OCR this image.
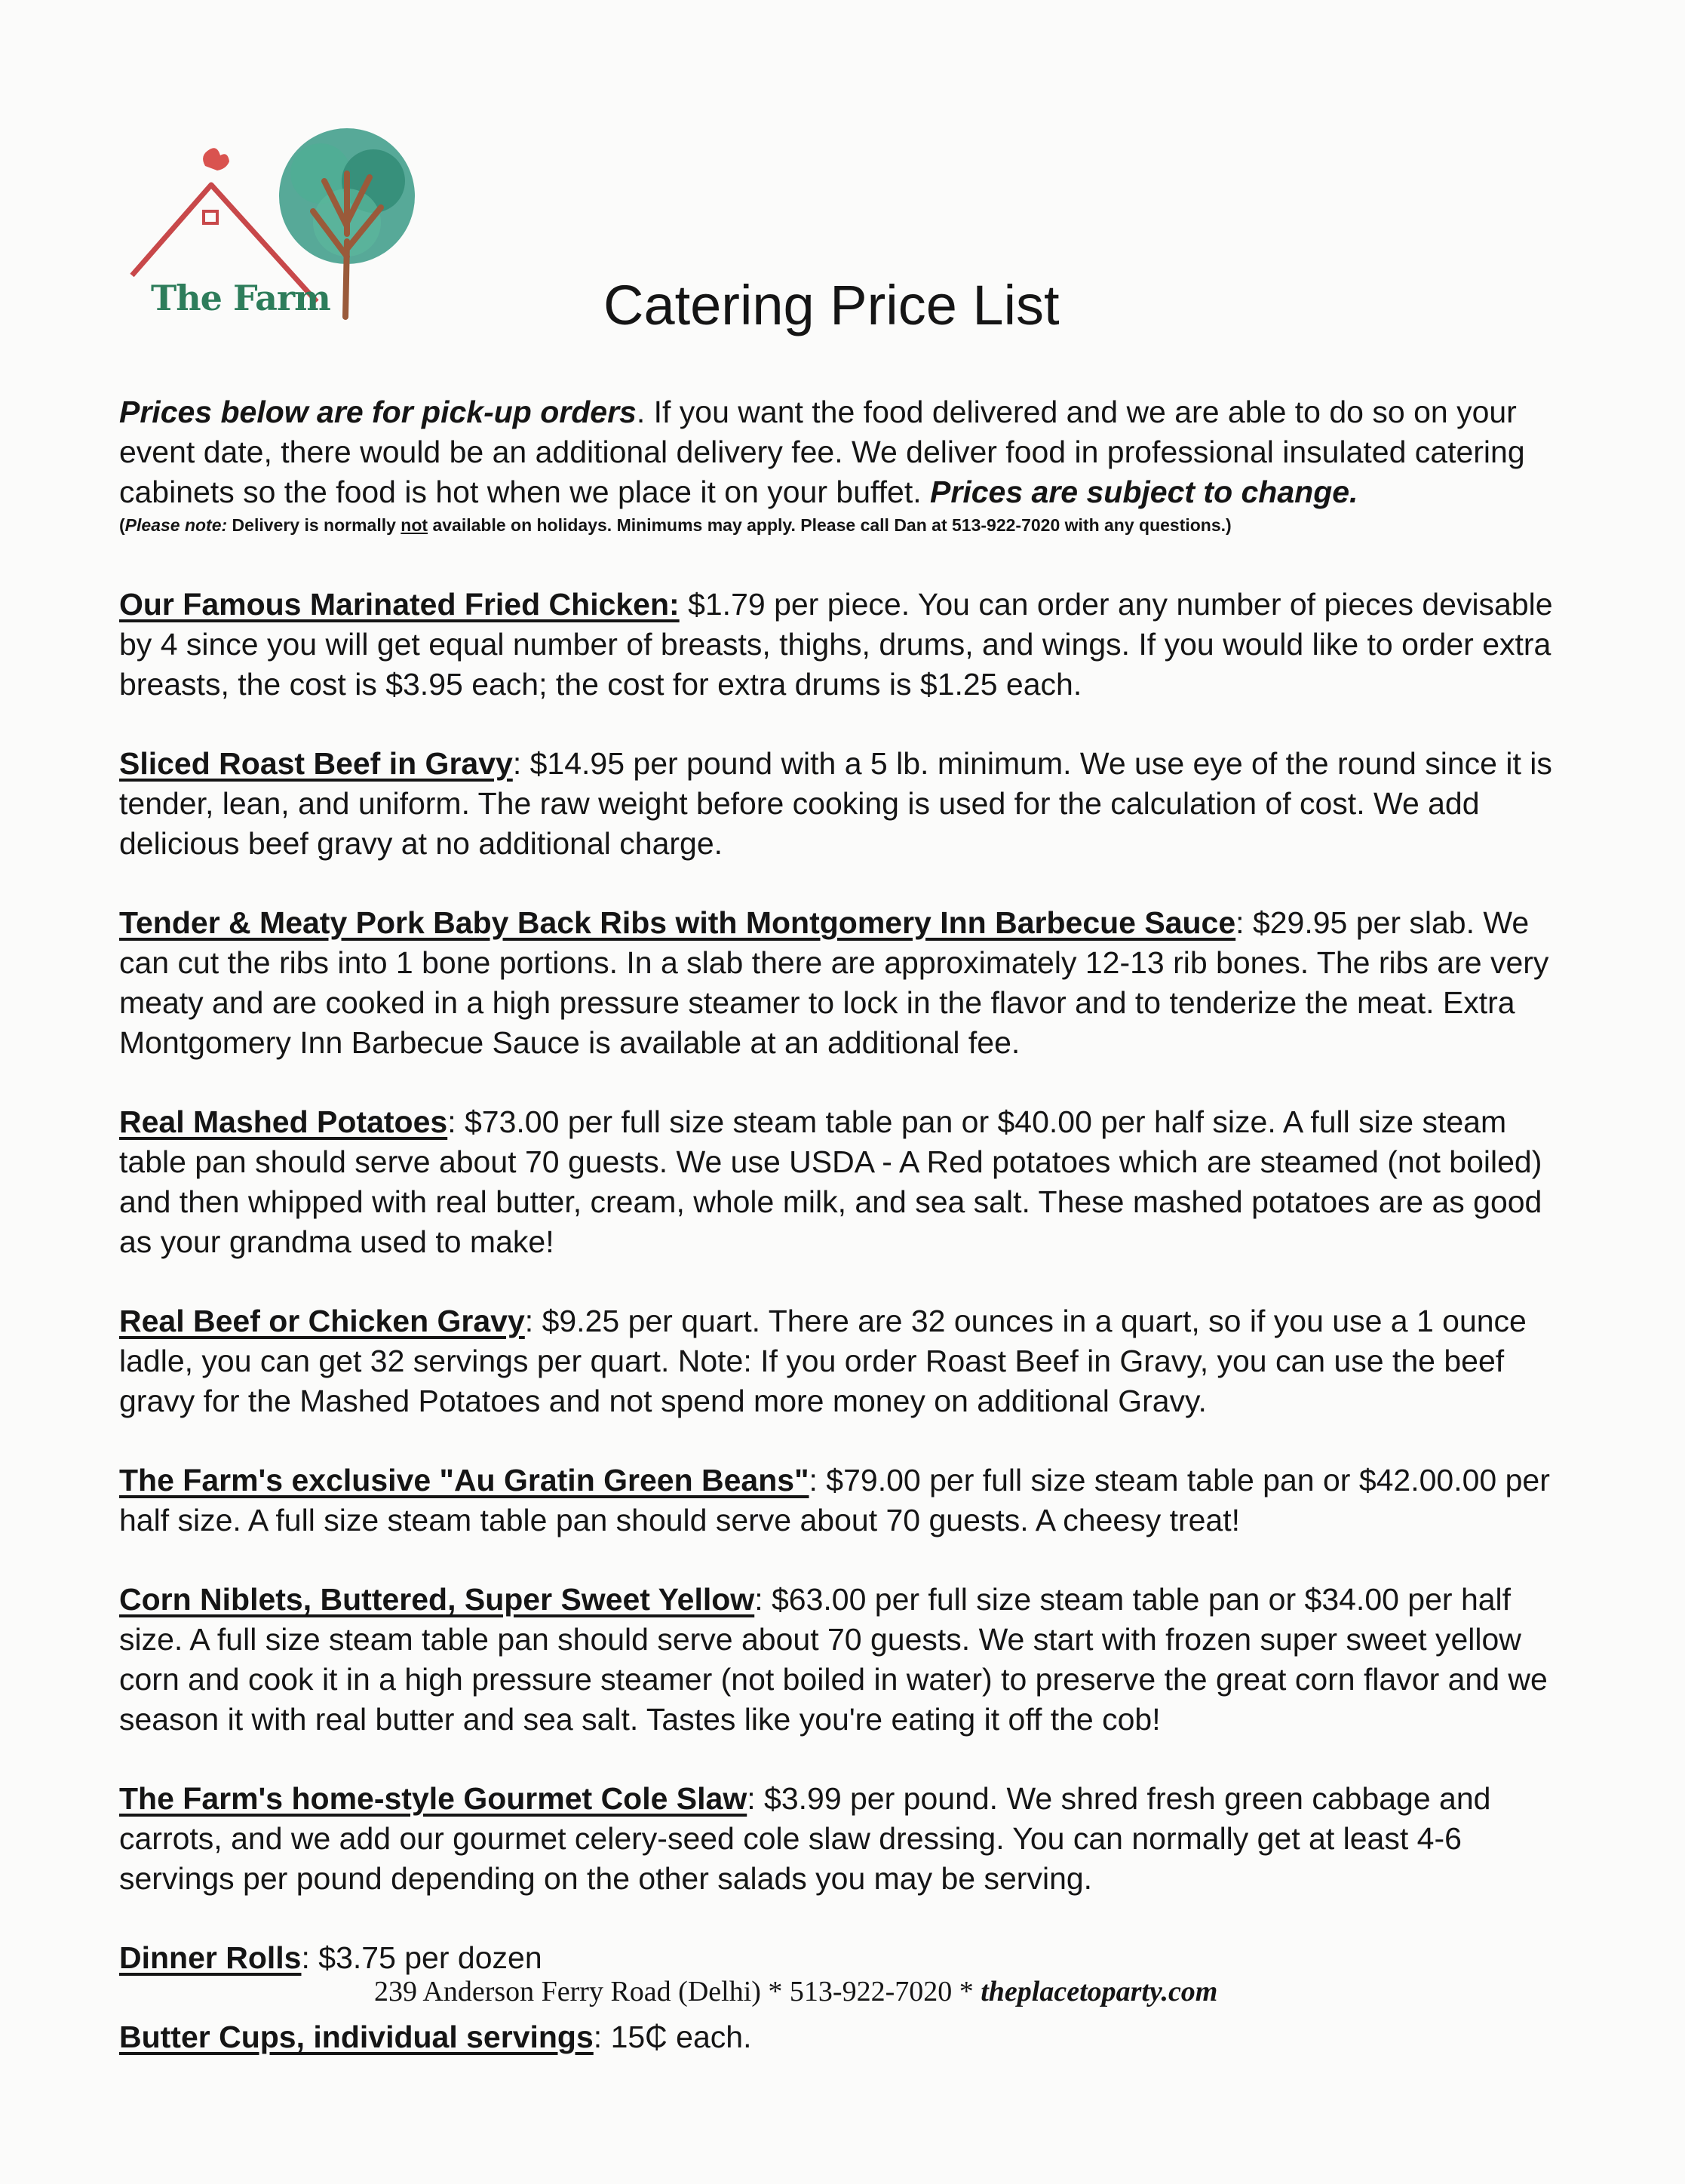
The Farm	Catering Price List

Prices below are for pick-up orders. If you want the food delivered and we are able to do so on your event date, there would be an additional delivery fee. We deliver food in professional insulated catering cabinets so the food is hot when we place it on your buffet. Prices are subject to change.

(Please note: Delivery is normally not available on holidays. Minimums may apply. Please call Dan at 513-922-7020 with any questions.)

Our Famous Marinated Fried Chicken: $1.79 per piece. You can order any number of pieces devisable by 4 since you will get equal number of breasts, thighs, drums, and wings. If you would like to order extra breasts, the cost is $3.95 each; the cost for extra drums is $1.25 each.

Sliced Roast Beef in Gravy: $14.95 per pound with a 5 lb. minimum. We use eye of the round since it is tender, lean, and uniform. The raw weight before cooking is used for the calculation of cost. We add delicious beef gravy at no additional charge.

Tender & Meaty Pork Baby Back Ribs with Montgomery Inn Barbecue Sauce: $29.95 per slab. We can cut the ribs into 1 bone portions. In a slab there are approximately 12-13 rib bones. The ribs are very meaty and are cooked in a high pressure steamer to lock in the flavor and to tenderize the meat. Extra Montgomery Inn Barbecue Sauce is available at an additional fee.

Real Mashed Potatoes: $73.00 per full size steam table pan or $40.00 per half size. A full size steam table pan should serve about 70 guests. We use USDA - A Red potatoes which are steamed (not boiled) and then whipped with real butter, cream, whole milk, and sea salt. These mashed potatoes are as good as your grandma used to make!

Real Beef or Chicken Gravy: $9.25 per quart. There are 32 ounces in a quart, so if you use a 1 ounce ladle, you can get 32 servings per quart. Note: If you order Roast Beef in Gravy, you can use the beef gravy for the Mashed Potatoes and not spend more money on additional Gravy.

The Farm's exclusive "Au Gratin Green Beans": $79.00 per full size steam table pan or $42.00.00 per half size. A full size steam table pan should serve about 70 guests. A cheesy treat!

Corn Niblets, Buttered, Super Sweet Yellow: $63.00 per full size steam table pan or $34.00 per half size. A full size steam table pan should serve about 70 guests. We start with frozen super sweet yellow corn and cook it in a high pressure steamer (not boiled in water) to preserve the great corn flavor and we season it with real butter and sea salt. Tastes like you're eating it off the cob!

The Farm's home-style Gourmet Cole Slaw: $3.99 per pound. We shred fresh green cabbage and carrots, and we add our gourmet celery-seed cole slaw dressing. You can normally get at least 4-6 servings per pound depending on the other salads you may be serving.

Dinner Rolls: $3.75 per dozen

Butter Cups, individual servings: 15₵ each.

239 Anderson Ferry Road (Delhi) * 513-922-7020 * theplacetoparty.com
